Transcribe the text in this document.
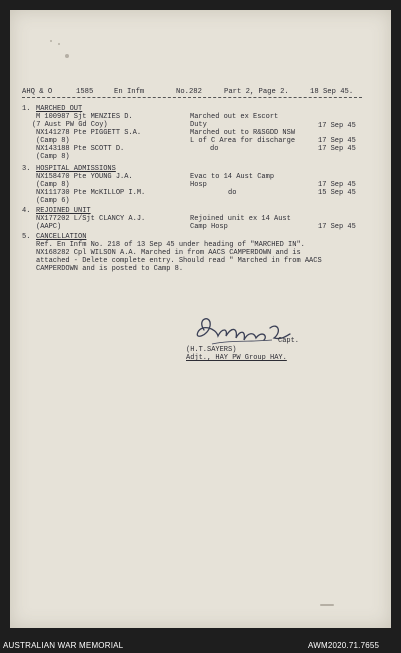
AHQ & O	1585	En Infm	No.282	Part 2, Page 2.	18 Sep 45.
1. MARCHED OUT
M 100987 Sjt MENZIES D.
(7 Aust PW Gd Coy)
Marched out ex Escort
Duty	17 Sep 45
NX141278 Pte PIGGETT S.A.
(Camp 8)
Marched out to R&SGDD NSW
L of C Area for discharge	17 Sep 45
NX143188 Pte SCOTT D.
(Camp 8)
do	17 Sep 45
3. HOSPITAL ADMISSIONS
NX158470 Pte YOUNG J.A.
(Camp 8)
Evac to 14 Aust Camp
Hosp	17 Sep 45
NX111730 Pte McKILLOP I.M.
(Camp 6)
do	15 Sep 45
4. REJOINED UNIT
NX177202 L/Sjt CLANCY A.J.
(AAPC)
Rejoined unit ex 14 Aust
Camp Hosp	17 Sep 45
5. CANCELLATION
Ref. En Infm No. 218 of 13 Sep 45 under heading of "MARCHED IN".
NX168282 Cpl WILSON A.A. Marched in from AACS CAMPERDOWN and is
attached - Delete complete entry. Should read " Marched in from AACS
CAMPERDOWN and is posted to Camp 8.
Capt.
(H.T.SAYERS)
Adjt., HAY PW Group HAY.
AUSTRALIAN WAR MEMORIAL	AWM2020.71.7655
